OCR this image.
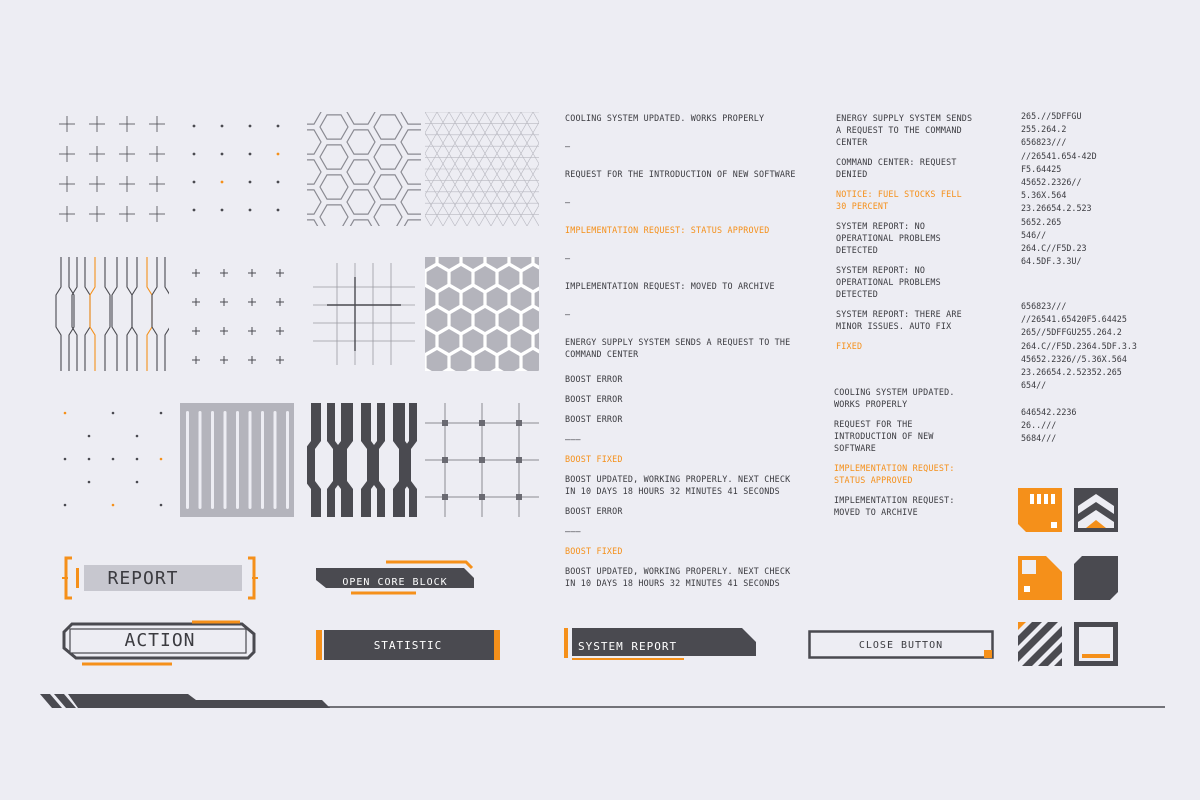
REPORT	OPEN CORE BLOCK
ACTION	STATISTIC	SYSTEM REPORT	CLOSE BUTTON
COOLING SYSTEM UPDATED. WORKS PROPERLY
—
REQUEST FOR THE INTRODUCTION OF NEW SOFTWARE
—
IMPLEMENTATION REQUEST: STATUS APPROVED
—
IMPLEMENTATION REQUEST: MOVED TO ARCHIVE
—
ENERGY SUPPLY SYSTEM SENDS A REQUEST TO THE COMMAND CENTER
BOOST ERROR
BOOST ERROR
BOOST ERROR
———
BOOST FIXED
BOOST UPDATED, WORKING PROPERLY. NEXT CHECK IN 10 DAYS 18 HOURS 32 MINUTES 41 SECONDS
BOOST ERROR
———
BOOST FIXED
BOOST UPDATED, WORKING PROPERLY. NEXT CHECK IN 10 DAYS 18 HOURS 32 MINUTES 41 SECONDS
ENERGY SUPPLY SYSTEM SENDS A REQUEST TO THE COMMAND CENTER
COMMAND CENTER: REQUEST DENIED
NOTICE: FUEL STOCKS FELL 30 PERCENT
SYSTEM REPORT: NO OPERATIONAL PROBLEMS DETECTED
SYSTEM REPORT: NO OPERATIONAL PROBLEMS DETECTED
SYSTEM REPORT: THERE ARE MINOR ISSUES. AUTO FIX
FIXED
COOLING SYSTEM UPDATED. WORKS PROPERLY
REQUEST FOR THE INTRODUCTION OF NEW SOFTWARE
IMPLEMENTATION REQUEST: STATUS APPROVED
IMPLEMENTATION REQUEST: MOVED TO ARCHIVE
265.//5DFFGU
255.264.2
656823///
//26541.654-42D
F5.64425
45652.2326//
5.36X.564
23.26654.2.523
5652.265
546//
264.C//F5D.23
64.5DF.3.3U/
656823///
//26541.65420F5.64425
265//5DFFGU255.264.2
264.C//F5D.2364.5DF.3.3
45652.2326//5.36X.564
23.26654.2.52352.265
654//
646542.2236
26..///
5684///
